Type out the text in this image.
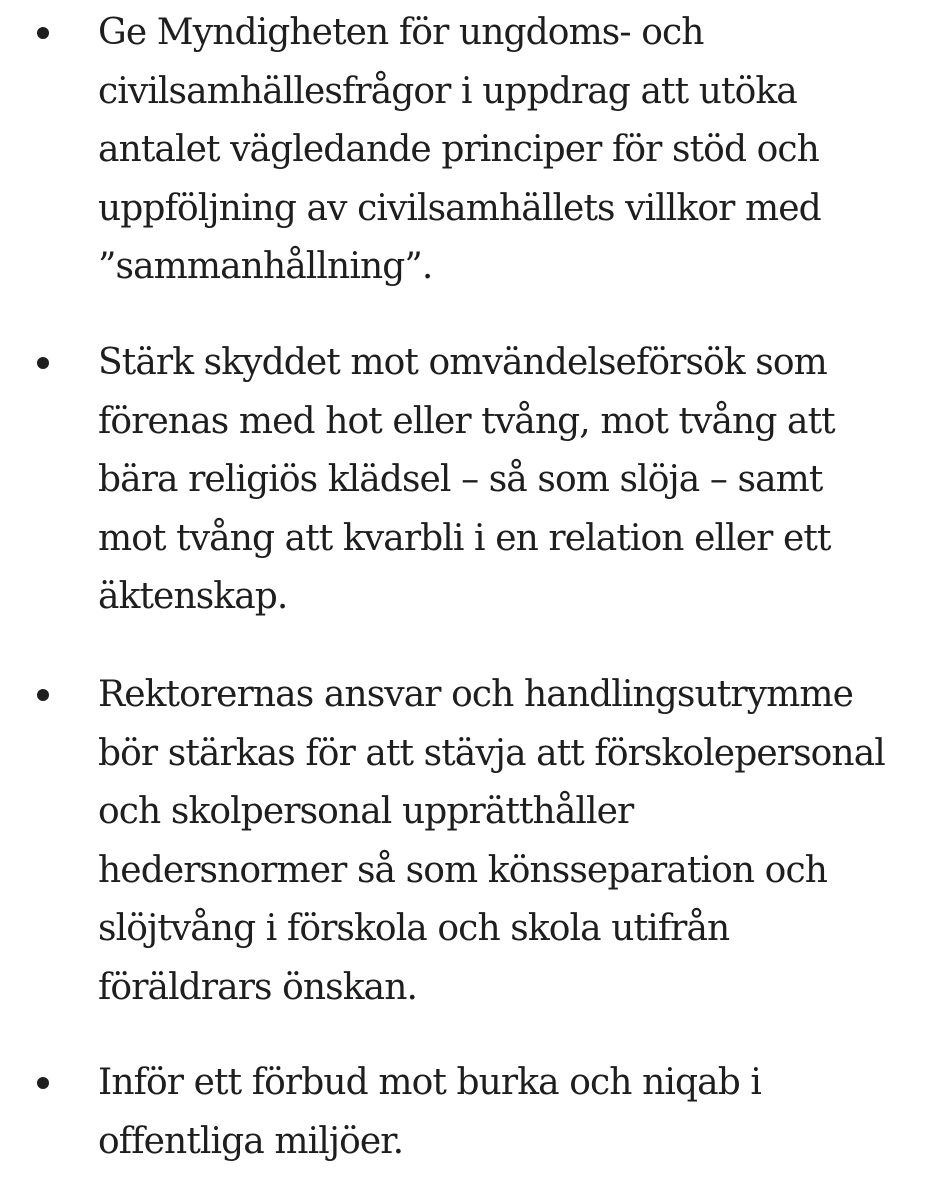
Ge Myndigheten för ungdoms- och
civilsamhällesfrågor i uppdrag att utöka
antalet vägledande principer för stöd och
uppföljning av civilsamhällets villkor med
”sammanhållning”.

Stärk skyddet mot omvändelseförsök som
förenas med hot eller tvång, mot tvång att
bära religiös klädsel – så som slöja – samt
mot tvång att kvarbli i en relation eller ett
äktenskap.

Rektorernas ansvar och handlingsutrymme
bör stärkas för att stävja att förskolepersonal
och skolpersonal upprätthåller
hedersnormer så som könsseparation och
slöjtvång i förskola och skola utifrån
föräldrars önskan.

Inför ett förbud mot burka och niqab i
offentliga miljöer.
